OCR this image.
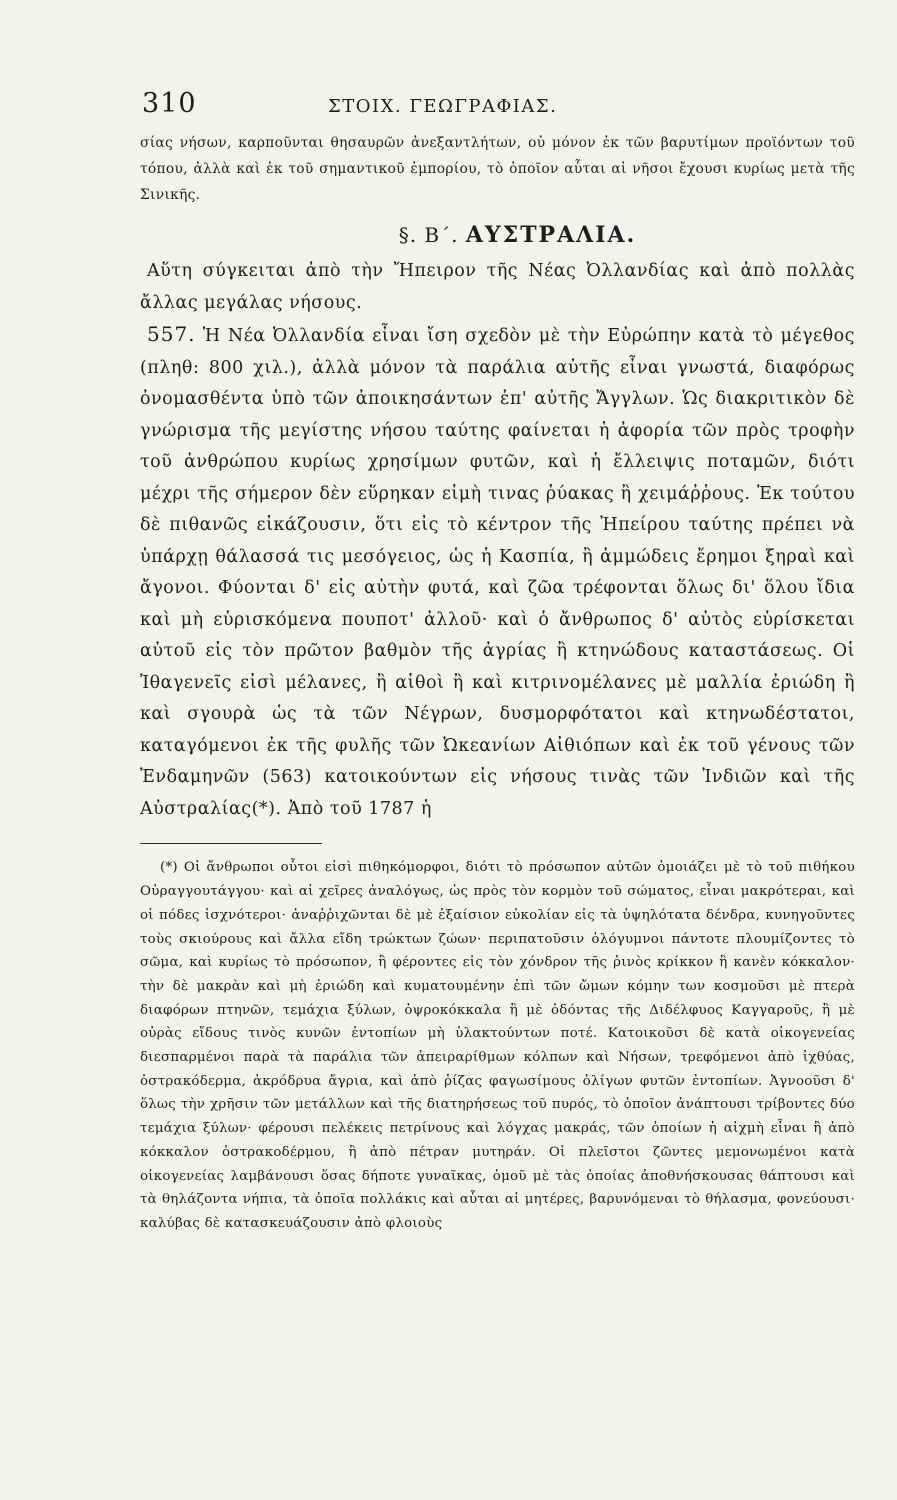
310	ΣΤΟΙΧ. ΓΕΩΓΡΑΦΙΑΣ.

σίας νήσων, καρποῦνται θησαυρῶν ἀνεξαντλήτων, οὐ μόνον ἐκ τῶν βαρυτίμων προϊόντων τοῦ τόπου, ἀλλὰ καὶ ἐκ τοῦ σημαντικοῦ ἐμπορίου, τὸ ὁποῖον αὗται αἱ νῆσοι ἔχουσι κυρίως μετὰ τῆς Σινικῆς.

§. Β΄. ΑΥΣΤΡΑΛΙΑ.

Αὕτη σύγκειται ἀπὸ τὴν Ἤπειρον τῆς Νέας Ὀλλανδίας καὶ ἀπὸ πολλὰς ἄλλας μεγάλας νήσους.

557. Ἡ Νέα Ὀλλανδία εἶναι ἴση σχεδὸν μὲ τὴν Εὐρώπην κατὰ τὸ μέγεθος (πληθ: 800 χιλ.), ἀλλὰ μόνον τὰ παράλια αὐτῆς εἶναι γνωστά, διαφόρως ὀνομασθέντα ὑπὸ τῶν ἀποικησάντων ἐπ' αὐτῆς Ἄγγλων. Ὡς διακριτικὸν δὲ γνώρισμα τῆς μεγίστης νήσου ταύτης φαίνεται ἡ ἀφορία τῶν πρὸς τροφὴν τοῦ ἀνθρώπου κυρίως χρησίμων φυτῶν, καὶ ἡ ἔλλειψις ποταμῶν, διότι μέχρι τῆς σήμερον δὲν εὕρηκαν εἰμὴ τινας ῥύακας ἢ χειμάῤῥους. Ἐκ τούτου δὲ πιθανῶς εἰκάζουσιν, ὅτι εἰς τὸ κέντρον τῆς Ἠπείρου ταύτης πρέπει νὰ ὑπάρχῃ θάλασσά τις μεσόγειος, ὡς ἡ Κασπία, ἢ ἀμμώδεις ἔρημοι ξηραὶ καὶ ἄγονοι. Φύονται δ' εἰς αὐτὴν φυτά, καὶ ζῶα τρέφονται ὅλως δι' ὅλου ἴδια καὶ μὴ εὑρισκόμενα πουποτ' ἀλλοῦ· καὶ ὁ ἄνθρωπος δ' αὐτὸς εὑρίσκεται αὐτοῦ εἰς τὸν πρῶτον βαθμὸν τῆς ἀγρίας ἢ κτηνώδους καταστάσεως. Οἱ Ἰθαγενεῖς εἰσὶ μέλανες, ἢ αἰθοὶ ἢ καὶ κιτρινομέλανες μὲ μαλλία ἐριώδη ἢ καὶ σγουρὰ ὡς τὰ τῶν Νέγρων, δυσμορφότατοι καὶ κτηνωδέστατοι, καταγόμενοι ἐκ τῆς φυλῆς τῶν Ὠκεανίων Αἰθιόπων καὶ ἐκ τοῦ γένους τῶν Ἐνδαμηνῶν (563) κατοικούντων εἰς νήσους τινὰς τῶν Ἰνδιῶν καὶ τῆς Αὐστραλίας(*). Ἀπὸ τοῦ 1787 ἡ

(*) Οἱ ἄνθρωποι οὗτοι εἰσὶ πιθηκόμορφοι, διότι τὸ πρόσωπον αὐτῶν ὁμοιάζει μὲ τὸ τοῦ πιθήκου Οὐραγγουτάγγου· καὶ αἱ χεῖρες ἀναλόγως, ὡς πρὸς τὸν κορμὸν τοῦ σώματος, εἶναι μακρότεραι, καὶ οἱ πόδες ἰσχνότεροι· ἀναῤῥιχῶνται δὲ μὲ ἐξαίσιον εὐκολίαν εἰς τὰ ὑψηλότατα δένδρα, κυνηγοῦντες τοὺς σκιούρους καὶ ἄλλα εἴδη τρώκτων ζώων· περιπατοῦσιν ὀλόγυμνοι πάντοτε πλουμίζοντες τὸ σῶμα, καὶ κυρίως τὸ πρόσωπον, ἢ φέροντες εἰς τὸν χόνδρον τῆς ῥινὸς κρίκκον ἢ κανὲν κόκκαλον· τὴν δὲ μακρὰν καὶ μὴ ἐριώδη καὶ κυματουμένην ἐπὶ τῶν ὤμων κόμην των κοσμοῦσι μὲ πτερὰ διαφόρων πτηνῶν, τεμάχια ξύλων, ὀψροκόκκαλα ἢ μὲ ὀδόντας τῆς Διδέλφυος Καγγαροῦς, ἢ μὲ οὐρὰς εἴδους τινὸς κυνῶν ἐντοπίων μὴ ὑλακτούντων ποτέ. Κατοικοῦσι δὲ κατὰ οἰκογενείας διεσπαρμένοι παρὰ τὰ παράλια τῶν ἀπειραρίθμων κόλπων καὶ Νήσων, τρεφόμενοι ἀπὸ ἰχθύας, ὀστρακόδερμα, ἀκρόδρυα ἄγρια, καὶ ἀπὸ ῥίζας φαγωσίμους ὀλίγων φυτῶν ἐντοπίων. Ἀγνοοῦσι δ' ὅλως τὴν χρῆσιν τῶν μετάλλων καὶ τῆς διατηρήσεως τοῦ πυρός, τὸ ὁποῖον ἀνάπτουσι τρίβοντες δύο τεμάχια ξύλων· φέρουσι πελέκεις πετρίνους καὶ λόγχας μακράς, τῶν ὁποίων ἡ αἰχμὴ εἶναι ἢ ἀπὸ κόκκαλον ὀστρακοδέρμου, ἢ ἀπὸ πέτραν μυτηράν. Οἱ πλεῖστοι ζῶντες μεμονωμένοι κατὰ οἰκογενείας λαμβάνουσι ὅσας δήποτε γυναῖκας, ὁμοῦ μὲ τὰς ὁποίας ἀποθνήσκουσας θάπτουσι καὶ τὰ θηλάζοντα νήπια, τὰ ὁποῖα πολλάκις καὶ αὗται αἱ μητέρες, βαρυνόμεναι τὸ θήλασμα, φονεύουσι· καλύβας δὲ κατασκευάζουσιν ἀπὸ φλοιοὺς
